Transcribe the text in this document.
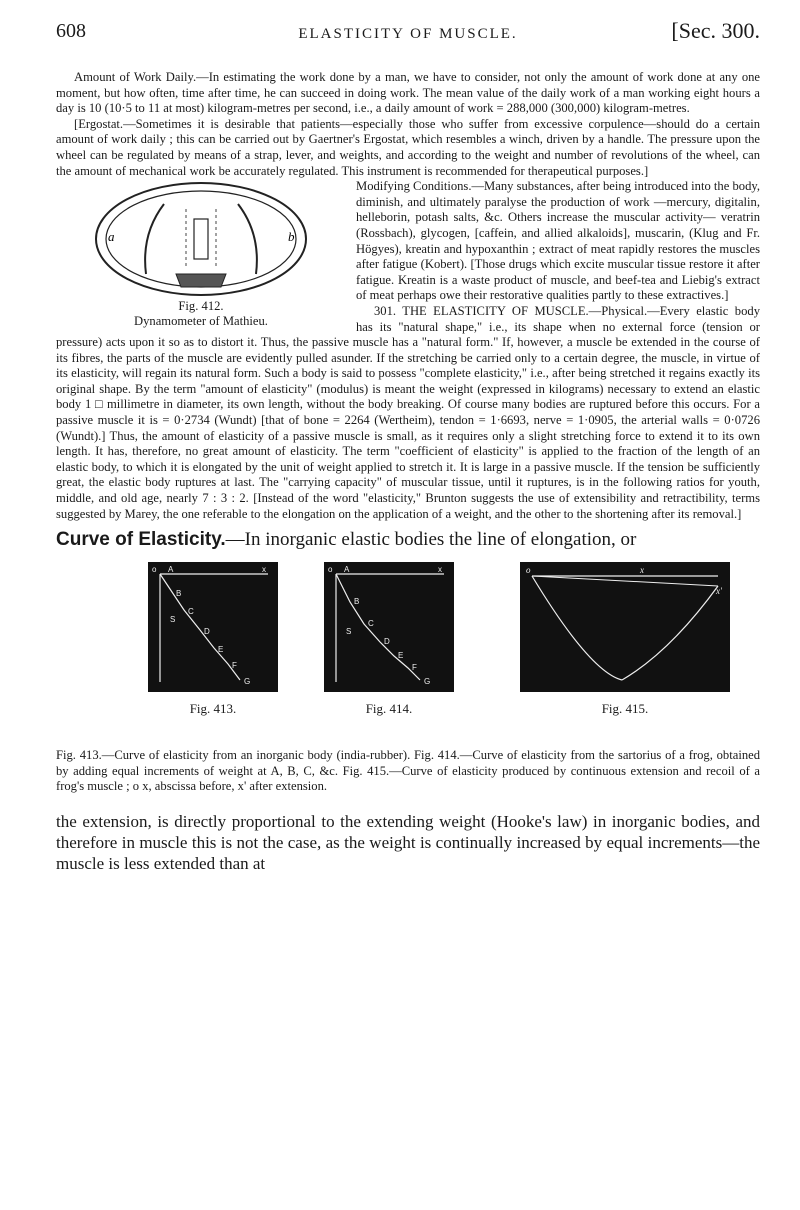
608	ELASTICITY OF MUSCLE.	[Sec. 300.

Amount of Work Daily.—In estimating the work done by a man, we have to consider, not only the amount of work done at any one moment, but how often, time after time, he can succeed in doing work. The mean value of the daily work of a man working eight hours a day is 10 (10·5 to 11 at most) kilogram-metres per second, i.e., a daily amount of work = 288,000 (300,000) kilogram-metres.

[Ergostat.—Sometimes it is desirable that patients—especially those who suffer from excessive corpulence—should do a certain amount of work daily ; this can be carried out by Gaertner's Ergostat, which resembles a winch, driven by a handle. The pressure upon the wheel can be regulated by means of a strap, lever, and weights, and according to the weight and number of revolutions of the wheel, can the amount of mechanical work be accurately regulated. This instrument is recommended for therapeutical purposes.]

a	b
Fig. 412.
Dynamometer of Mathieu.

Modifying Conditions.—Many substances, after being introduced into the body, diminish, and ultimately paralyse the production of work —mercury, digitalin, helleborin, potash salts, &c. Others increase the muscular activity— veratrin (Rossbach), glycogen, [caffein, and allied alkaloids], muscarin, (Klug and Fr. Högyes), kreatin and hypoxanthin ; extract of meat rapidly restores the muscles after fatigue (Kobert). [Those drugs which excite muscular tissue restore it after fatigue. Kreatin is a waste product of muscle, and beef-tea and Liebig's extract of meat perhaps owe their restorative qualities partly to these extractives.]

301. THE ELASTICITY OF MUSCLE.—Physical.—Every elastic body has its "natural shape," i.e., its shape when no external force (tension or pressure) acts upon it so as to distort it. Thus, the passive muscle has a "natural form." If, however, a muscle be extended in the course of its fibres, the parts of the muscle are evidently pulled asunder. If the stretching be carried only to a certain degree, the muscle, in virtue of its elasticity, will regain its natural form. Such a body is said to possess "complete elasticity," i.e., after being stretched it regains exactly its original shape. By the term "amount of elasticity" (modulus) is meant the weight (expressed in kilograms) necessary to extend an elastic body 1 □ millimetre in diameter, its own length, without the body breaking. Of course many bodies are ruptured before this occurs. For a passive muscle it is = 0·2734 (Wundt) [that of bone = 2264 (Wertheim), tendon = 1·6693, nerve = 1·0905, the arterial walls = 0·0726 (Wundt).] Thus, the amount of elasticity of a passive muscle is small, as it requires only a slight stretching force to extend it to its own length. It has, therefore, no great amount of elasticity. The term "coefficient of elasticity" is applied to the fraction of the length of an elastic body, to which it is elongated by the unit of weight applied to stretch it. It is large in a passive muscle. If the tension be sufficiently great, the elastic body ruptures at last. The "carrying capacity" of muscular tissue, until it ruptures, is in the following ratios for youth, middle, and old age, nearly 7 : 3 : 2. [Instead of the word "elasticity," Brunton suggests the use of extensibility and retractibility, terms suggested by Marey, the one referable to the elongation on the application of a weight, and the other to the shortening after its removal.]

Curve of Elasticity.—In inorganic elastic bodies the line of elongation, or
o A	x
B
C
D
E
F
G
S
Fig. 413.
o A	x
B
C
D
E
F
G
S
Fig. 414.
o	x
x'
Fig. 415.
Fig. 413.—Curve of elasticity from an inorganic body (india-rubber). Fig. 414.—Curve of elasticity from the sartorius of a frog, obtained by adding equal increments of weight at A, B, C, &c. Fig. 415.—Curve of elasticity produced by continuous extension and recoil of a frog's muscle ; o x, abscissa before, x' after extension.
the extension, is directly proportional to the extending weight (Hooke's law) in inorganic bodies, and therefore in muscle this is not the case, as the weight is continually increased by equal increments—the muscle is less extended than at
